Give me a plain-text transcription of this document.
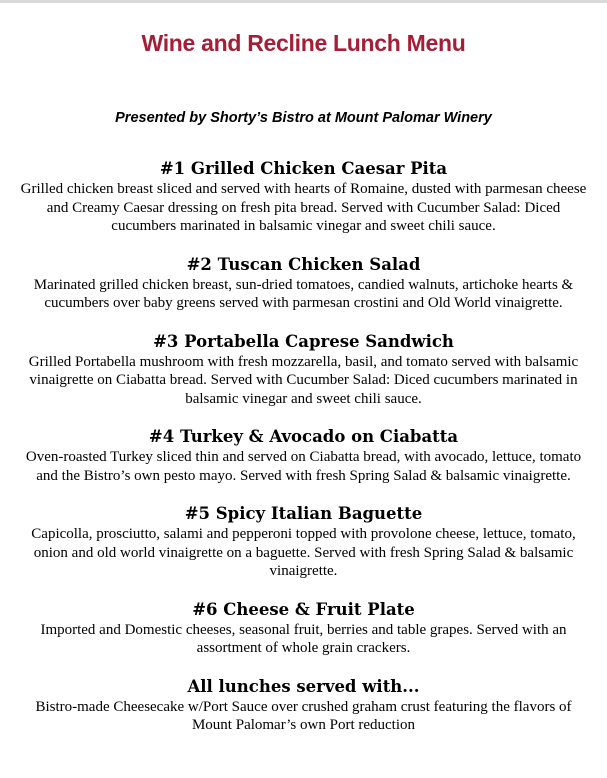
Wine and Recline Lunch Menu
Presented by Shorty’s Bistro at Mount Palomar Winery
#1 Grilled Chicken Caesar Pita
Grilled chicken breast sliced and served with hearts of Romaine, dusted with parmesan cheese and Creamy Caesar dressing on fresh pita bread. Served with Cucumber Salad: Diced cucumbers marinated in balsamic vinegar and sweet chili sauce.
#2 Tuscan Chicken Salad
Marinated grilled chicken breast, sun-dried tomatoes, candied walnuts, artichoke hearts & cucumbers over baby greens served with parmesan crostini and Old World vinaigrette.
#3 Portabella Caprese Sandwich
Grilled Portabella mushroom with fresh mozzarella, basil, and tomato served with balsamic vinaigrette on Ciabatta bread. Served with Cucumber Salad: Diced cucumbers marinated in balsamic vinegar and sweet chili sauce.
#4 Turkey & Avocado on Ciabatta
Oven-roasted Turkey sliced thin and served on Ciabatta bread, with avocado, lettuce, tomato and the Bistro’s own pesto mayo. Served with fresh Spring Salad & balsamic vinaigrette.
#5 Spicy Italian Baguette
Capicolla, prosciutto, salami and pepperoni topped with provolone cheese, lettuce, tomato, onion and old world vinaigrette on a baguette. Served with fresh Spring Salad & balsamic vinaigrette.
#6 Cheese & Fruit Plate
Imported and Domestic cheeses, seasonal fruit, berries and table grapes. Served with an assortment of whole grain crackers.
All lunches served with...
Bistro-made Cheesecake w/Port Sauce over crushed graham crust featuring the flavors of Mount Palomar’s own Port reduction
